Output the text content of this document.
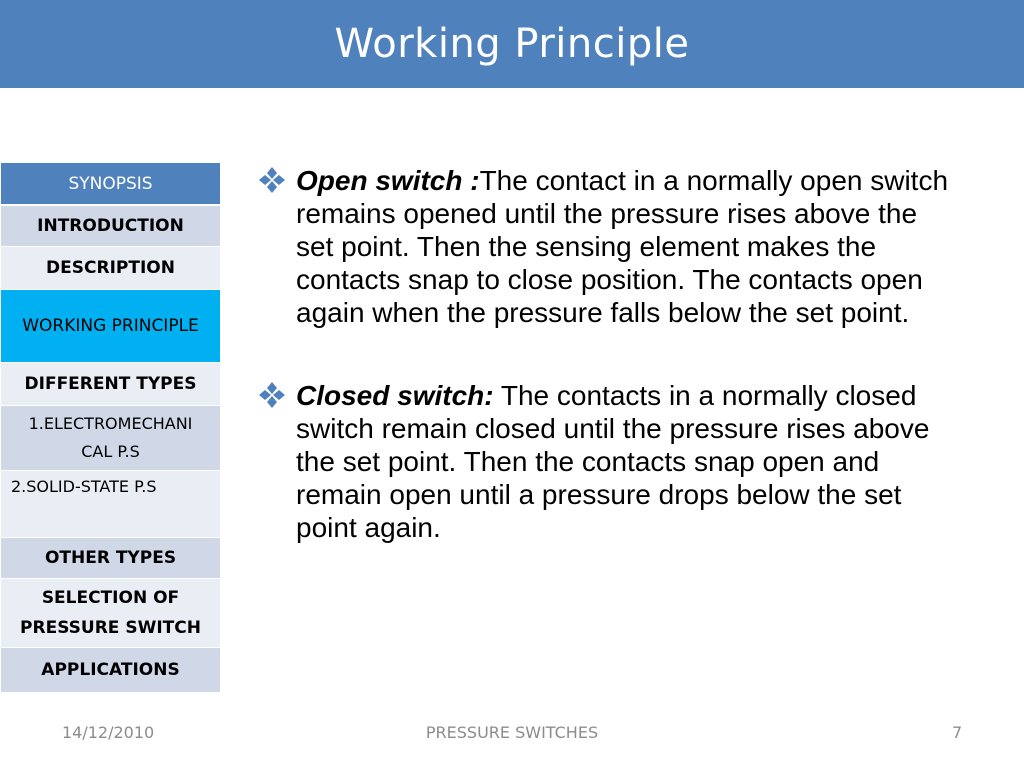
Working Principle
SYNOPSIS
INTRODUCTION
DESCRIPTION
WORKING PRINCIPLE
DIFFERENT TYPES
1.ELECTROMECHANI
CAL P.S
2.SOLID-STATE P.S
OTHER TYPES
SELECTION OF
PRESSURE SWITCH
APPLICATIONS
Open switch :The contact in a normally open switch remains opened until the pressure rises above the set point. Then the sensing element makes the contacts snap to close position. The contacts open again when the pressure falls below the set point.
Closed switch: The contacts in a normally closed switch remain closed until the pressure rises above the set point. Then the contacts snap open and remain open until a pressure drops below the set point again.
14/12/2010	PRESSURE SWITCHES	7
